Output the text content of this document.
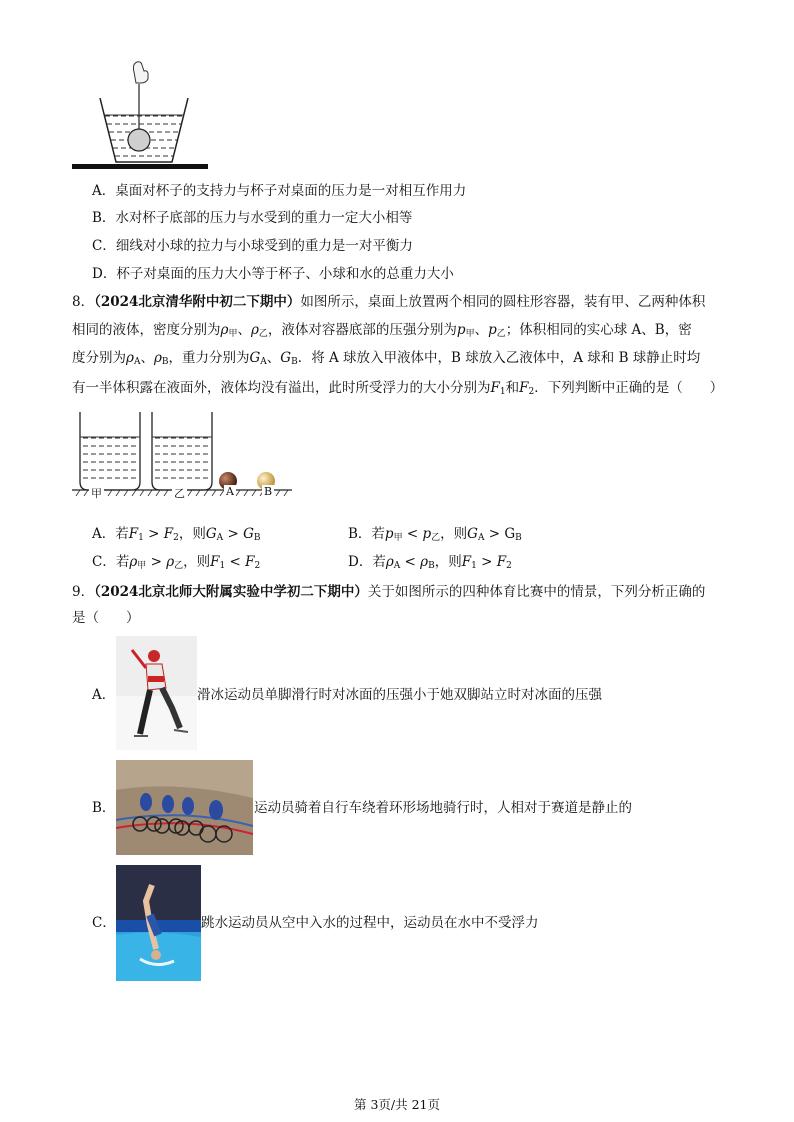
A．桌面对杯子的支持力与杯子对桌面的压力是一对相互作用力
B．水对杯子底部的压力与水受到的重力一定大小相等
C．细线对小球的拉力与小球受到的重力是一对平衡力
D．杯子对桌面的压力大小等于杯子、小球和水的总重力大小
8．（2024北京清华附中初二下期中）如图所示，桌面上放置两个相同的圆柱形容器，装有甲、乙两种体积
相同的液体，密度分别为$\rho_甲$、$\rho_乙$，液体对容器底部的压强分别为$p_甲$、$p_乙$；体积相同的实心球 A、B，密
度分别为$\rho_A$、$\rho_B$，重力分别为$G_A$、$G_B$．将 A 球放入甲液体中，B 球放入乙液体中，A 球和 B 球静止时均
有一半体积露在液面外，液体均没有溢出，此时所受浮力的大小分别为$F_1$和$F_2$．下列判断中正确的是（　　）
甲	乙	A	B
A．若$F_1 > F_2$，则$G_A > G_B$	B．若$p_甲 < p_乙$，则$G_A > G_B$
C．若$\rho_甲 > \rho_乙$，则$F_1 < F_2$	D．若$\rho_A < \rho_B$，则$F_1 > F_2$
9．（2024北京北师大附属实验中学初二下期中）关于如图所示的四种体育比赛中的情景，下列分析正确的
是（　　）
A．	滑冰运动员单脚滑行时对冰面的压强小于她双脚站立时对冰面的压强
B．	运动员骑着自行车绕着环形场地骑行时，人相对于赛道是静止的
C．	跳水运动员从空中入水的过程中，运动员在水中不受浮力
第 3页/共 21页
